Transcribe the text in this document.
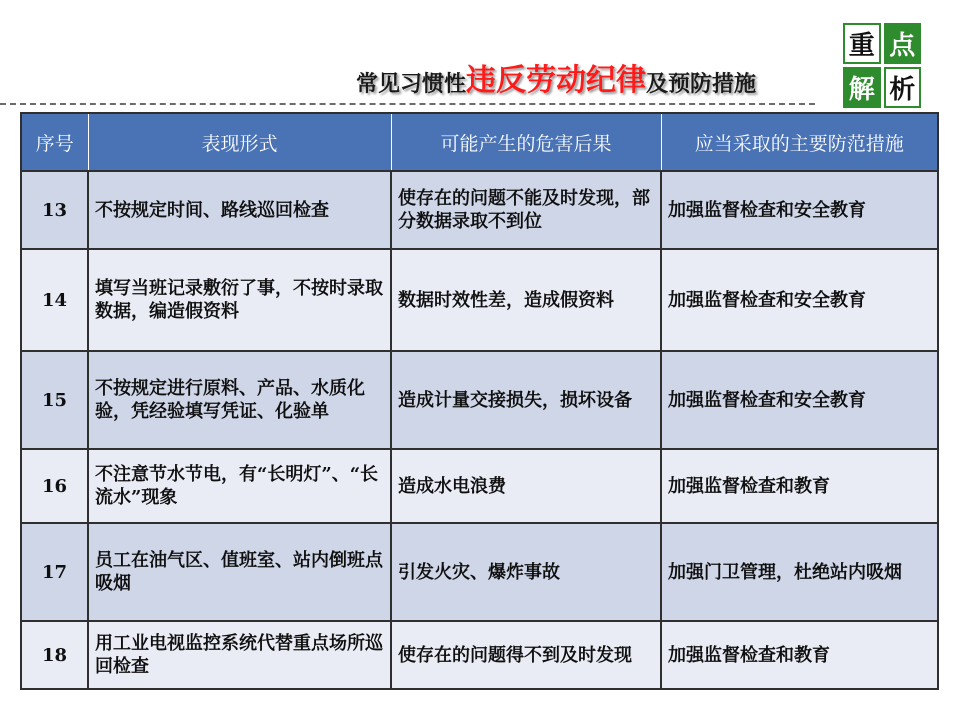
常见习惯性 违反劳动纪律 及预防措施
重 点
解 析
序号	表现形式	可能产生的危害后果	应当采取的主要防范措施
13	不按规定时间、路线巡回检查	使存在的问题不能及时发现，部分数据录取不到位	加强监督检查和安全教育
14	填写当班记录敷衍了事，不按时录取数据，编造假资料	数据时效性差，造成假资料	加强监督检查和安全教育
15	不按规定进行原料、产品、水质化验，凭经验填写凭证、化验单	造成计量交接损失，损坏设备	加强监督检查和安全教育
16	不注意节水节电，有“长明灯”、“长流水”现象	造成水电浪费	加强监督检查和教育
17	员工在油气区、值班室、站内倒班点吸烟	引发火灾、爆炸事故	加强门卫管理，杜绝站内吸烟
18	用工业电视监控系统代替重点场所巡回检查	使存在的问题得不到及时发现	加强监督检查和教育
